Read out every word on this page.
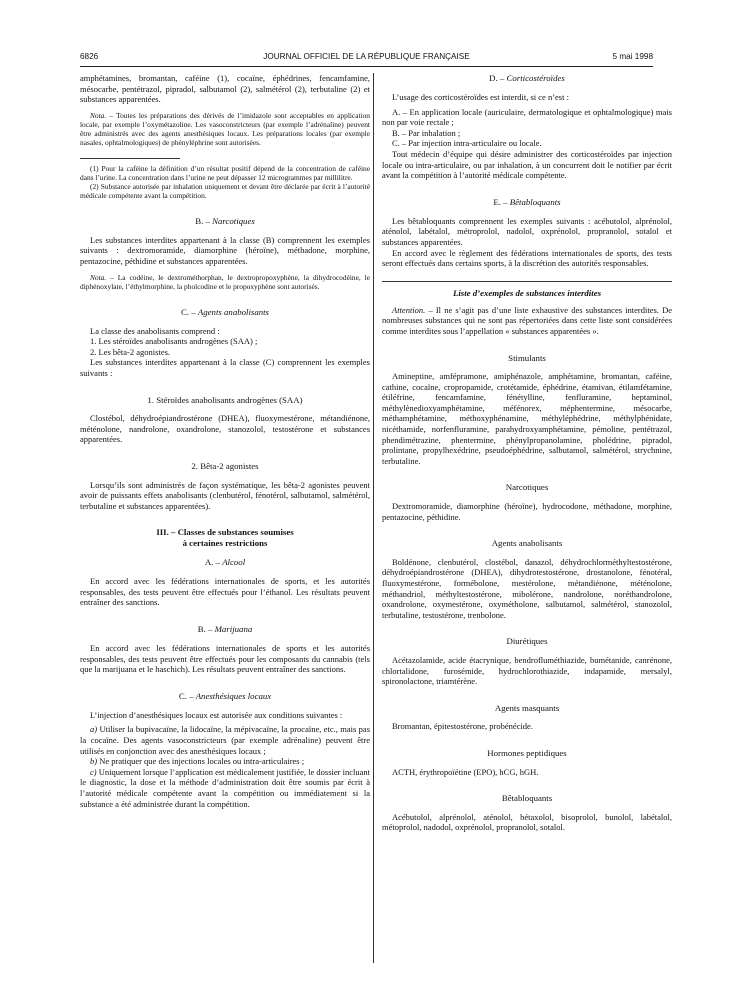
6826	JOURNAL OFFICIEL DE LA RÉPUBLIQUE FRANÇAISE	5 mai 1998

amphétamines, bromantan, caféine (1), cocaïne, éphédrines, fencamfamine, mésocarbe, pentétrazol, pipradol, salbutamol (2), salmétérol (2), terbutaline (2) et substances apparentées.

Nota. – Toutes les préparations des dérivés de l’imidazole sont acceptables en application locale, par exemple l’oxymétazoline. Les vasoconstricteurs (par exemple l’adrénaline) peuvent être administrés avec des agents anesthésiques locaux. Les préparations locales (par exemple nasales, ophtalmologiques) de phényléphrine sont autorisées.

(1) Pour la caféine la définition d’un résultat positif dépend de la concentration de caféine dans l’urine. La concentration dans l’urine ne peut dépasser 12 microgrammes par millilitre.

(2) Substance autorisée par inhalation uniquement et devant être déclarée par écrit à l’autorité médicale compétente avant la compétition.

B. – Narcotiques

Les substances interdites appartenant à la classe (B) comprennent les exemples suivants : dextromoramide, diamorphine (héroïne), méthadone, morphine, pentazocine, péthidine et substances apparentées.

Nota. – La codéine, le dextrométhorphan, le dextropropoxyphène, la dihydrocodéine, le diphénoxylate, l’éthylmorphine, la pholcodine et le propoxyphène sont autorisés.

C. – Agents anabolisants

La classe des anabolisants comprend :

1. Les stéroïdes anabolisants androgènes (SAA) ;

2. Les bêta-2 agonistes.

Les substances interdites appartenant à la classe (C) comprennent les exemples suivants :

1. Stéroïdes anabolisants androgènes (SAA)

Clostébol, déhydroépiandrostérone (DHEA), fluoxymestérone, métandiénone, méténolone, nandrolone, oxandrolone, stanozolol, testostérone et substances apparentées.

2. Bêta-2 agonistes

Lorsqu’ils sont administrés de façon systématique, les bêta-2 agonistes peuvent avoir de puissants effets anabolisants (clenbutérol, fénotérol, salbutamol, salmétérol, terbutaline et substances apparentées).

III. – Classes de substances soumises

à certaines restrictions

A. – Alcool

En accord avec les fédérations internationales de sports, et les autorités responsables, des tests peuvent être effectués pour l’éthanol. Les résultats peuvent entraîner des sanctions.

B. – Marijuana

En accord avec les fédérations internationales de sports et les autorités responsables, des tests peuvent être effectués pour les composants du cannabis (tels que la marijuana et le haschich). Les résultats peuvent entraîner des sanctions.

C. – Anesthésiques locaux

L’injection d’anesthésiques locaux est autorisée aux conditions suivantes :

a) Utiliser la bupivacaïne, la lidocaïne, la mépivacaïne, la procaïne, etc., mais pas la cocaïne. Des agents vasoconstricteurs (par exemple adrénaline) peuvent être utilisés en conjonction avec des anesthésiques locaux ;

b) Ne pratiquer que des injections locales ou intra-articulaires ;

c) Uniquement lorsque l’application est médicalement justifiée, le dossier incluant le diagnostic, la dose et la méthode d’administration doit être soumis par écrit à l’autorité médicale compétente avant la compétition ou immédiatement si la substance a été administrée durant la compétition.

D. – Corticostéroïdes

L’usage des corticostéroïdes est interdit, si ce n’est :

A. – En application locale (auriculaire, dermatologique et ophtalmologique) mais non par voie rectale ;

B. – Par inhalation ;

C. – Par injection intra-articulaire ou locale.

Tout médecin d’équipe qui désire administrer des corticostéroïdes par injection locale ou intra-articulaire, ou par inhalation, à un concurrent doit le notifier par écrit avant la compétition à l’autorité médicale compétente.

E. – Bêtabloquants

Les bêtabloquants comprennent les exemples suivants : acébutolol, alprénolol, aténolol, labétalol, métroprolol, nadolol, oxprénolol, propranolol, sotalol et substances apparentées.

En accord avec le règlement des fédérations internationales de sports, des tests seront effectués dans certains sports, à la discrétion des autorités responsables.

Liste d’exemples de substances interdites

Attention. – Il ne s’agit pas d’une liste exhaustive des substances interdites. De nombreuses substances qui ne sont pas répertoriées dans cette liste sont considérées comme interdites sous l’appellation « substances apparentées ».

Stimulants

Amineptine, amfépramone, amiphénazole, amphétamine, bromantan, caféine, cathine, cocaïne, cropropamide, crotétamide, éphédrine, étamivan, étilamfétamine, étiléfrine, fencamfamine, fénétylline, fenfluramine, heptaminol, méthylènedioxyamphétamine, méfénorex, méphentermine, mésocarbe, méthamphétamine, méthoxyphénamine, méthyléphédrine, méthylphénidate, nicéthamide, norfenfluramine, parahydroxyamphétamine, pémoline, pentétrazol, phendimétrazine, phentermine, phénylpropanolamine, pholédrine, pipradol, prolintane, propylhexédrine, pseudoéphédrine, salbutamol, salmétérol, strychnine, terbutaline.

Narcotiques

Dextromoramide, diamorphine (héroïne), hydrocodone, méthadone, morphine, pentazocine, péthidine.

Agents anabolisants

Boldénone, clenbutérol, clostébol, danazol, déhydrochlorméthyltestostérone, déhydroépiandrostérone (DHEA), dihydrotestostérone, drostanolone, fénotéral, fluoxymestérone, formébolone, mestérolone, métandiénone, méténolone, méthandriol, méthyltestostérone, mibolérone, nandrolone, noréthandrolone, oxandrolone, oxymestérone, oxymétholone, salbutamol, salmétérol, stanozolol, terbutaline, testostérone, trenbolone.

Diurétiques

Acétazolamide, acide étacrynique, bendrofluméthiazide, bumétanide, canrénone, chlortalidone, furosémide, hydrochlorothiazide, indapamide, mersalyl, spironolactone, triamtérène.

Agents masquants

Bromantan, épitestostérone, probénécide.

Hormones peptidiques

ACTH, érythropoïétine (EPO), hCG, hGH.

Bêtabloquants

Acébutolol, alprénolol, aténolol, bétaxolol, bisoprolol, bunolol, labétalol, métoprolol, nadodol, oxprénolol, propranolol, sotalol.
